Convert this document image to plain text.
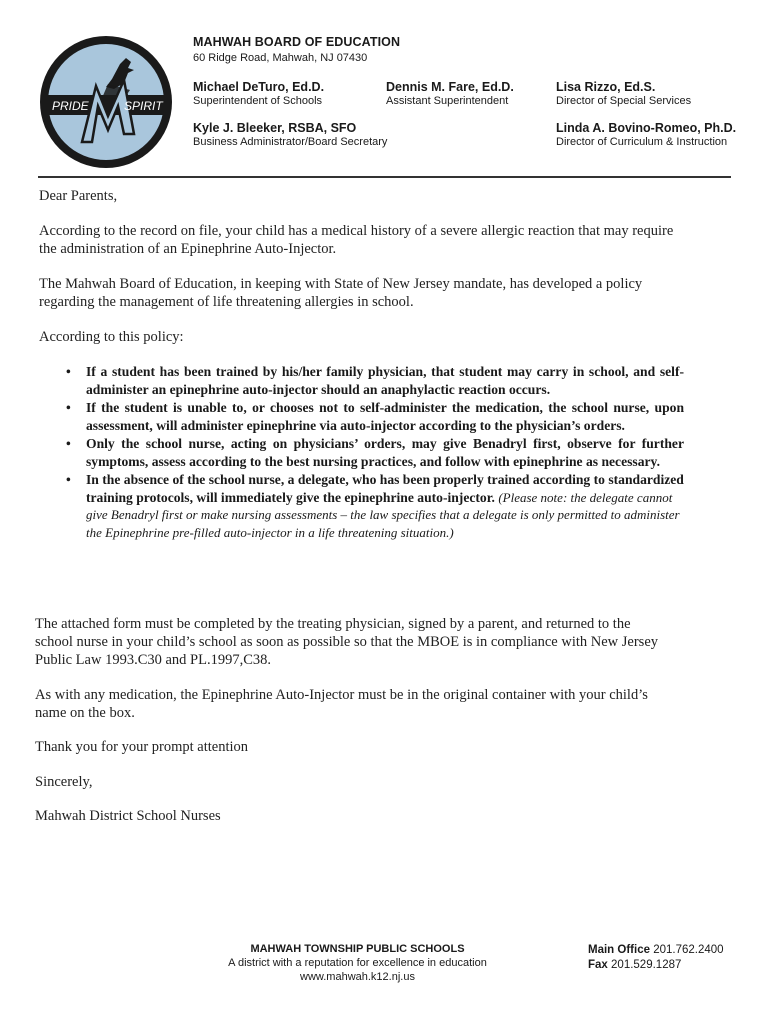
PRIDE	SPIRIT
MAHWAH BOARD OF EDUCATION
60 Ridge Road, Mahwah, NJ 07430
Michael DeTuro, Ed.D.
Superintendent of Schools
Dennis M. Fare, Ed.D.
Assistant Superintendent
Lisa Rizzo, Ed.S.
Director of Special Services
Kyle J. Bleeker, RSBA, SFO
Business Administrator/Board Secretary
Linda A. Bovino-Romeo, Ph.D.
Director of Curriculum & Instruction
Dear Parents,
According to the record on file, your child has a medical history of a severe allergic reaction that may require the administration of an Epinephrine Auto-Injector.
The Mahwah Board of Education, in keeping with State of New Jersey mandate, has developed a policy regarding the management of life threatening allergies in school.
According to this policy:
• If a student has been trained by his/her family physician, that student may carry in school, and self-administer an epinephrine auto-injector should an anaphylactic reaction occurs.
• If the student is unable to, or chooses not to self-administer the medication, the school nurse, upon assessment, will administer epinephrine via auto-injector according to the physician’s orders.
• Only the school nurse, acting on physicians’ orders, may give Benadryl first, observe for further symptoms, assess according to the best nursing practices, and follow with epinephrine as necessary.
• In the absence of the school nurse, a delegate, who has been properly trained according to standardized training protocols, will immediately give the epinephrine auto-injector. (Please note: the delegate cannot give Benadryl first or make nursing assessments – the law specifies that a delegate is only permitted to administer the Epinephrine pre-filled auto-injector in a life threatening situation.)
The attached form must be completed by the treating physician, signed by a parent, and returned to the school nurse in your child’s school as soon as possible so that the MBOE is in compliance with New Jersey Public Law 1993.C30 and PL.1997,C38.
As with any medication, the Epinephrine Auto-Injector must be in the original container with your child’s name on the box.
Thank you for your prompt attention
Sincerely,
Mahwah District School Nurses
MAHWAH TOWNSHIP PUBLIC SCHOOLS
A district with a reputation for excellence in education
www.mahwah.k12.nj.us
Main Office 201.762.2400
Fax 201.529.1287
